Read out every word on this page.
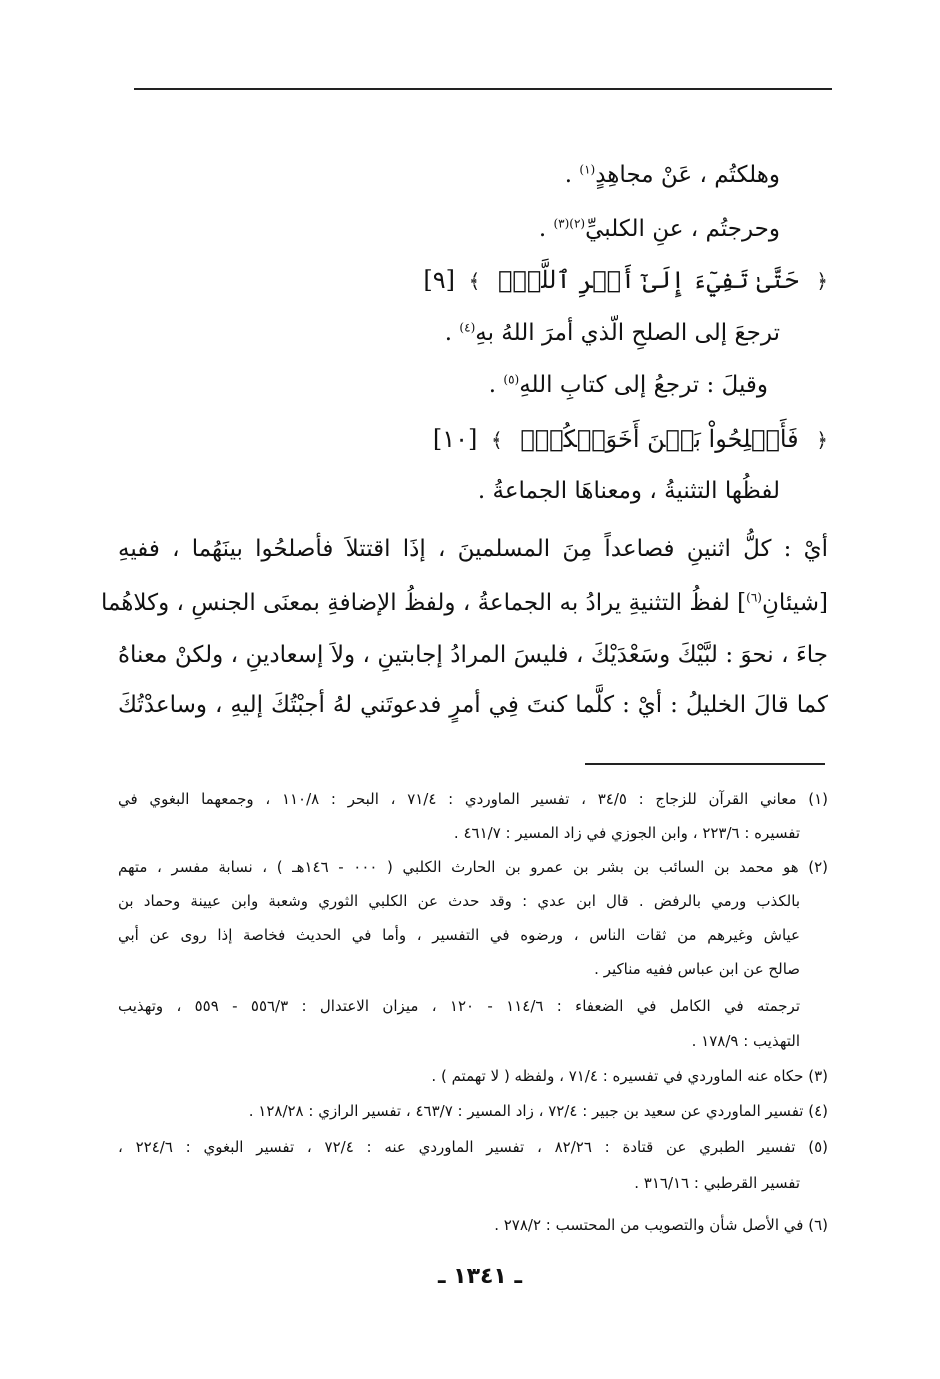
وهلكتُم ، عَنْ مجاهِدٍ$^{(١)}$ .
وحرجتُم ، عنِ الكلبيِّ$^{(٢)(٣)}$ .
﴿ حَتَّىٰ تَفِيٓءَ إِلَىٰٓ أَمۡرِ ٱللَّهِۚ ﴾ [٩]
ترجعَ إلى الصلحِ الّذي أمرَ اللهُ بهِ$^{(٤)}$ .
وقيلَ : ترجعُ إلى كتابِ اللهِ$^{(٥)}$ .
﴿ فَأَصۡلِحُواْ بَيۡنَ أَخَوَيۡكُمۡۚ ﴾ [١٠]
لفظُها التثنيةُ ، ومعناهَا الجماعةُ .
أيْ : كلُّ اثنينِ فصاعداً مِنَ المسلمينَ ، إذَا اقتتلاَ فأصلحُوا بينَهُما ، ففيهِ
[شيئانِ$^{(٦)}$] لفظُ التثنيةِ يرادُ به الجماعةُ ، ولفظُ الإضافةِ بمعنَى الجنسِ ، وكلاهُما
جاءَ ، نحوَ : لبَّيْكَ وسَعْدَيْكَ ، فليسَ المرادُ إجابتينِ ، ولاَ إسعادينِ ، ولكنْ معناهُ
كما قالَ الخليلُ : أيْ : كلَّما كنتَ فِي أمرٍ فدعوتَني لهُ أجبْتُكَ إليهِ ، وساعدْتُكَ
(١) معاني القرآن للزجاج : ٣٤/٥ ، تفسير الماوردي : ٧١/٤ ، البحر : ١١٠/٨ ، وجمعهما البغوي في
تفسيره : ٢٢٣/٦ ، وابن الجوزي في زاد المسير : ٤٦١/٧ .
(٢) هو محمد بن السائب بن بشر بن عمرو بن الحارث الكلبي ( ٠٠٠ - ١٤٦هـ ) ، نسابة مفسر ، متهم
بالكذب ورمي بالرفض . قال ابن عدي : وقد حدث عن الكلبي الثوري وشعبة وابن عيينة وحماد بن
عياش وغيرهم من ثقات الناس ، ورضوه في التفسير ، وأما في الحديث فخاصة إذا روى عن أبي
صالح عن ابن عباس ففيه مناكير .
ترجمته في الكامل في الضعفاء : ١١٤/٦ - ١٢٠ ، ميزان الاعتدال : ٥٥٦/٣ - ٥٥٩ ، وتهذيب
التهذيب : ١٧٨/٩ .
(٣) حكاه عنه الماوردي في تفسيره : ٧١/٤ ، ولفظه ( لا تهمتم ) .
(٤) تفسير الماوردي عن سعيد بن جبير : ٧٢/٤ ، زاد المسير : ٤٦٣/٧ ، تفسير الرازي : ١٢٨/٢٨ .
(٥) تفسير الطبري عن قتادة : ٨٢/٢٦ ، تفسير الماوردي عنه : ٧٢/٤ ، تفسير البغوي : ٢٢٤/٦ ،
تفسير القرطبي : ٣١٦/١٦ .
(٦) في الأصل شأن والتصويب من المحتسب : ٢٧٨/٢ .
ـ ١٣٤١ ـ
